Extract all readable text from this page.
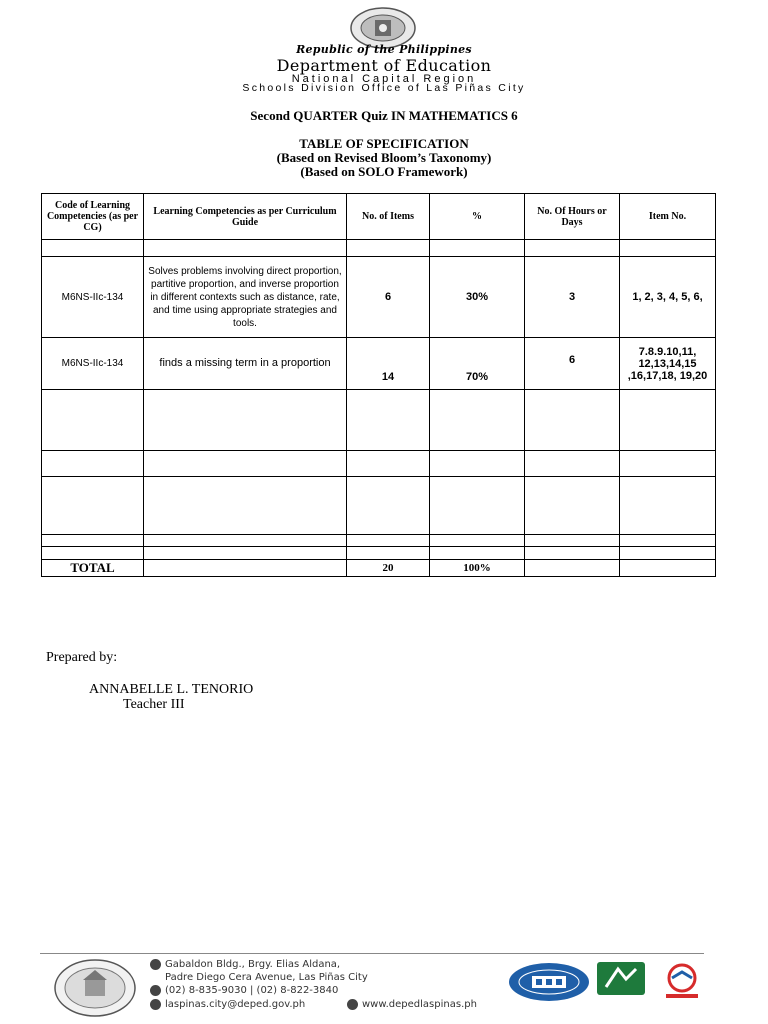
Republic of the Philippines
Department of Education
National Capital Region
Schools Division Office of Las Piñas City
Second QUARTER Quiz IN MATHEMATICS 6
TABLE OF SPECIFICATION
(Based on Revised Bloom’s Taxonomy)
(Based on SOLO Framework)
Code of Learning Competencies (as per CG)	Learning Competencies as per Curriculum Guide	No. of Items	%	No. Of Hours or Days	Item No.

M6NS-IIc-134	Solves problems involving direct proportion, partitive proportion, and inverse proportion in different contexts such as distance, rate, and time using appropriate strategies and tools.	6	30%	3	1, 2, 3, 4, 5, 6,
M6NS-IIc-134	finds a missing term in a proportion	14	70%	6	7.8.9.10,11, 12,13,14,15 ,16,17,18, 19,20

TOTAL		20	100%		
Prepared by:
ANNABELLE L. TENORIO
Teacher III
Gabaldon Bldg., Brgy. Elias Aldana,
Padre Diego Cera Avenue, Las Piñas City
(02) 8-835-9030 | (02) 8-822-3840
laspinas.city@deped.gov.ph	www.depedlaspinas.ph
